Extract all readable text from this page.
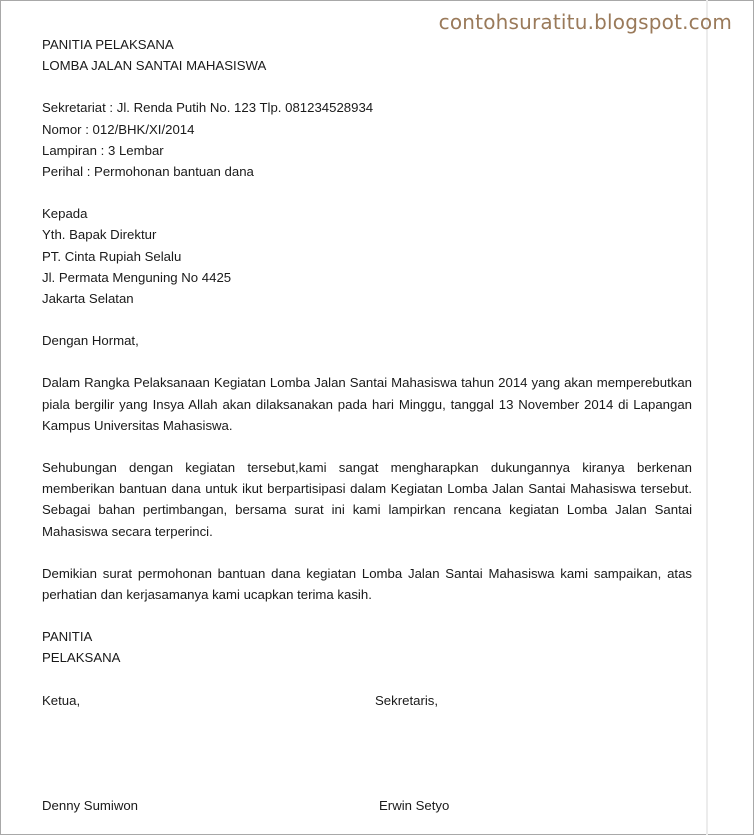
contohsuratitu.blogspot.com
PANITIA PELAKSANA
LOMBA JALAN SANTAI MAHASISWA
Sekretariat : Jl. Renda Putih No. 123 Tlp. 081234528934
Nomor : 012/BHK/XI/2014
Lampiran : 3 Lembar
Perihal : Permohonan bantuan dana
Kepada
Yth. Bapak Direktur
PT. Cinta Rupiah Selalu
Jl. Permata Menguning No 4425
Jakarta Selatan
Dengan Hormat,

Dalam Rangka Pelaksanaan Kegiatan Lomba Jalan Santai Mahasiswa tahun 2014 yang akan memperebutkan piala bergilir yang Insya Allah akan dilaksanakan pada hari Minggu, tanggal 13 November 2014 di Lapangan Kampus Universitas Mahasiswa.

Sehubungan dengan kegiatan tersebut,kami sangat mengharapkan dukungannya kiranya berkenan memberikan bantuan dana untuk ikut berpartisipasi dalam Kegiatan Lomba Jalan Santai Mahasiswa tersebut. Sebagai bahan pertimbangan, bersama surat ini kami lampirkan rencana kegiatan Lomba Jalan Santai Mahasiswa secara terperinci.

Demikian surat permohonan bantuan dana kegiatan Lomba Jalan Santai Mahasiswa kami sampaikan, atas perhatian dan kerjasamanya kami ucapkan terima kasih.

PANITIA
PELAKSANA
Ketua,	Sekretaris,
Denny Sumiwon	Erwin Setyo
